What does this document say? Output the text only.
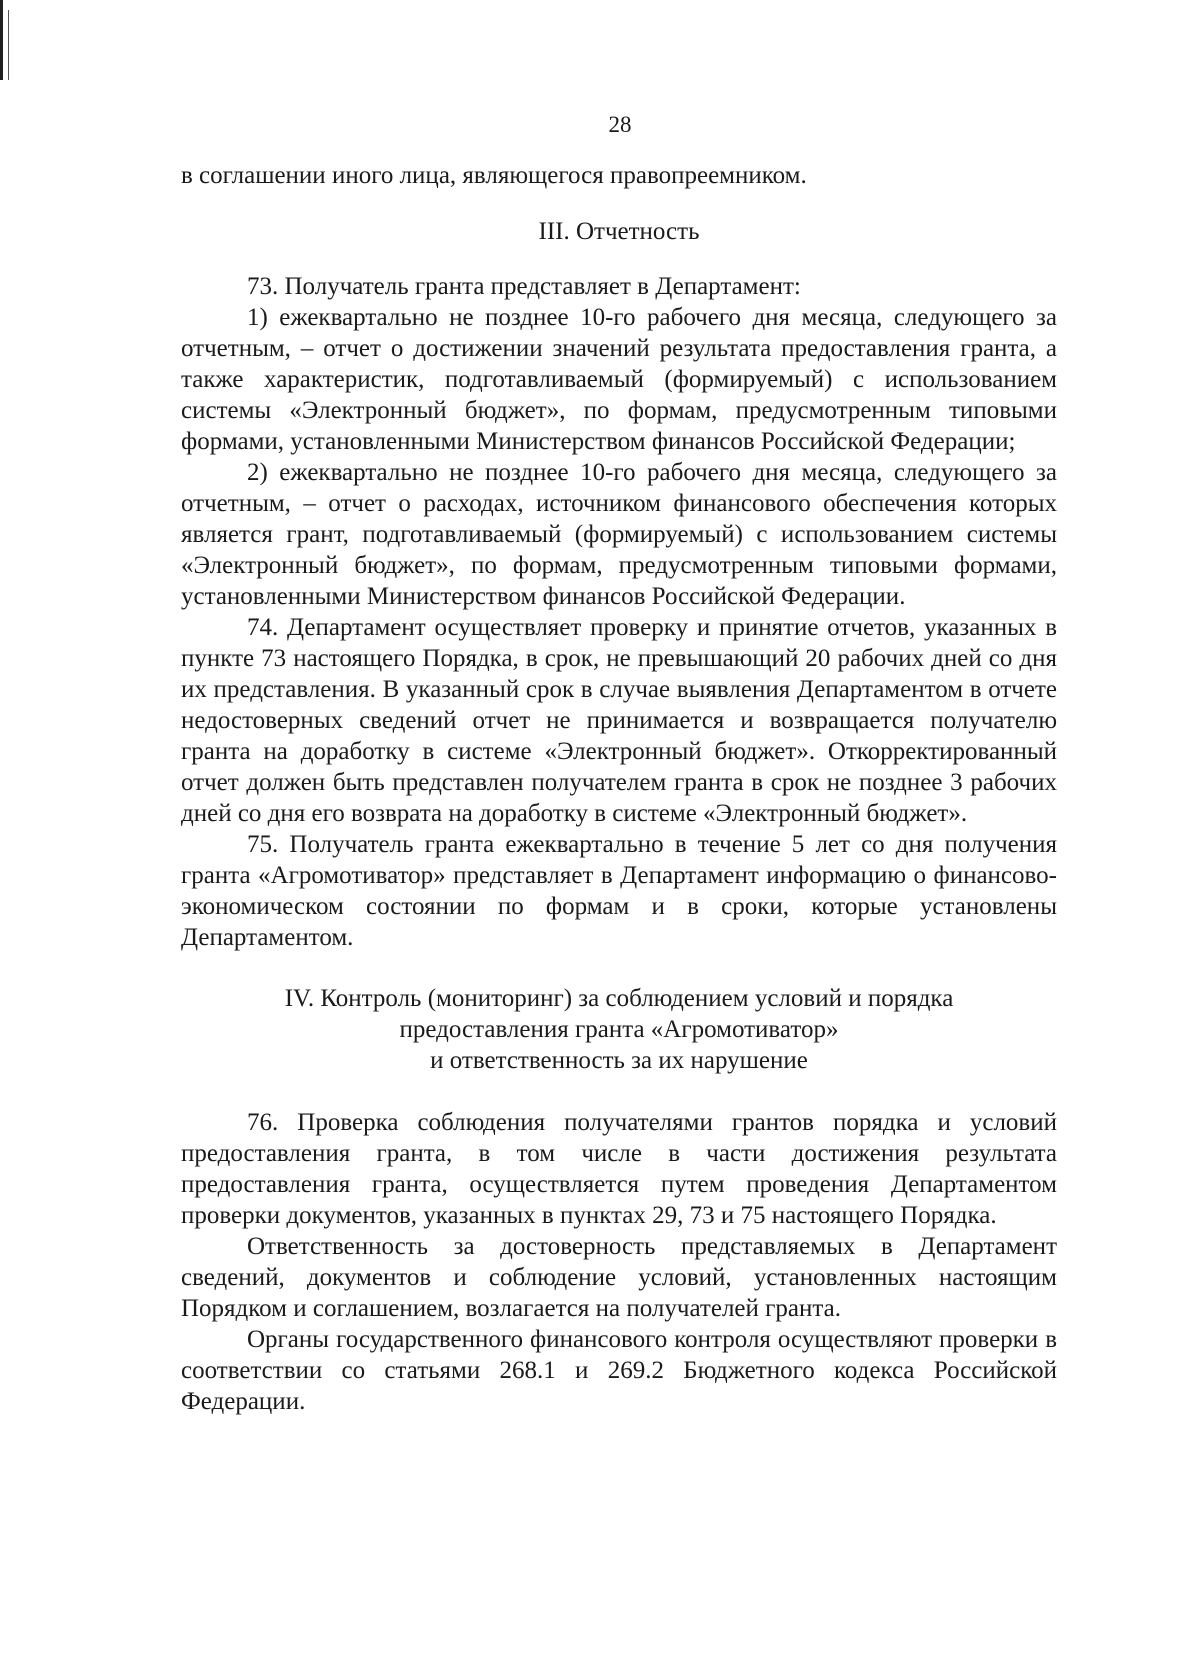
28

в соглашении иного лица, являющегося правопреемником.

III. Отчетность

73. Получатель гранта представляет в Департамент:

1) ежеквартально не позднее 10-го рабочего дня месяца, следующего за отчетным, – отчет о достижении значений результата предоставления гранта, а также характеристик, подготавливаемый (формируемый) с использованием системы «Электронный бюджет», по формам, предусмотренным типовыми формами, установленными Министерством финансов Российской Федерации;

2) ежеквартально не позднее 10-го рабочего дня месяца, следующего за отчетным, – отчет о расходах, источником финансового обеспечения которых является грант, подготавливаемый (формируемый) с использованием системы «Электронный бюджет», по формам, предусмотренным типовыми формами, установленными Министерством финансов Российской Федерации.

74. Департамент осуществляет проверку и принятие отчетов, указанных в пункте 73 настоящего Порядка, в срок, не превышающий 20 рабочих дней со дня их представления. В указанный срок в случае выявления Департаментом в отчете недостоверных сведений отчет не принимается и возвращается получателю гранта на доработку в системе «Электронный бюджет». Откорректированный отчет должен быть представлен получателем гранта в срок не позднее 3 рабочих дней со дня его возврата на доработку в системе «Электронный бюджет».

75. Получатель гранта ежеквартально в течение 5 лет со дня получения гранта «Агромотиватор» представляет в Департамент информацию о финансово-экономическом состоянии по формам и в сроки, которые установлены Департаментом.

IV. Контроль (мониторинг) за соблюдением условий и порядка
предоставления гранта «Агромотиватор»
и ответственность за их нарушение

76. Проверка соблюдения получателями грантов порядка и условий предоставления гранта, в том числе в части достижения результата предоставления гранта, осуществляется путем проведения Департаментом проверки документов, указанных в пунктах 29, 73 и 75 настоящего Порядка.

Ответственность за достоверность представляемых в Департамент сведений, документов и соблюдение условий, установленных настоящим Порядком и соглашением, возлагается на получателей гранта.

Органы государственного финансового контроля осуществляют проверки в соответствии со статьями 268.1 и 269.2 Бюджетного кодекса Российской Федерации.
